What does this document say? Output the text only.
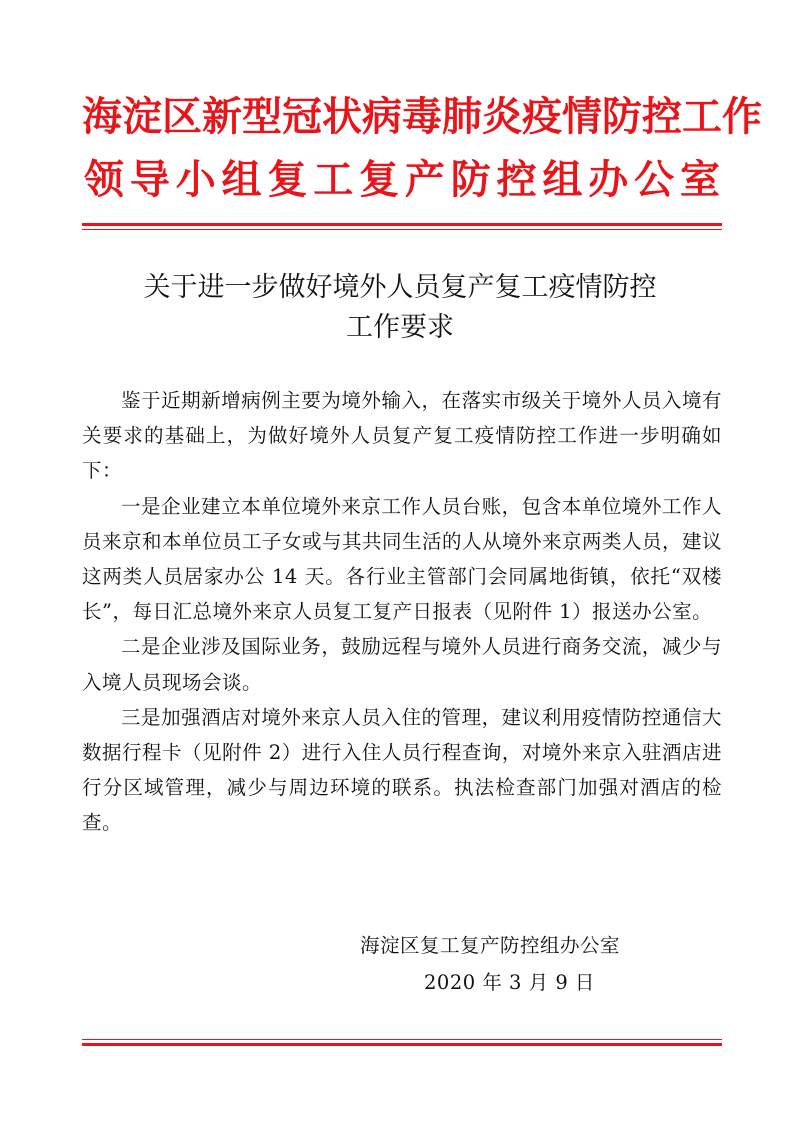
海淀区新型冠状病毒肺炎疫情防控工作
领导小组复工复产防控组办公室
关于进一步做好境外人员复产复工疫情防控
工作要求

鉴于近期新增病例主要为境外输入，在落实市级关于境外人员入境有关要求的基础上，为做好境外人员复产复工疫情防控工作进一步明确如下：

一是企业建立本单位境外来京工作人员台账，包含本单位境外工作人员来京和本单位员工子女或与其共同生活的人从境外来京两类人员，建议这两类人员居家办公 14 天。各行业主管部门会同属地街镇，依托“双楼长”，每日汇总境外来京人员复工复产日报表（见附件 1）报送办公室。

二是企业涉及国际业务，鼓励远程与境外人员进行商务交流，减少与入境人员现场会谈。

三是加强酒店对境外来京人员入住的管理，建议利用疫情防控通信大数据行程卡（见附件 2）进行入住人员行程查询，对境外来京入驻酒店进行分区域管理，减少与周边环境的联系。执法检查部门加强对酒店的检查。

海淀区复工复产防控组办公室
2020 年 3 月 9 日
